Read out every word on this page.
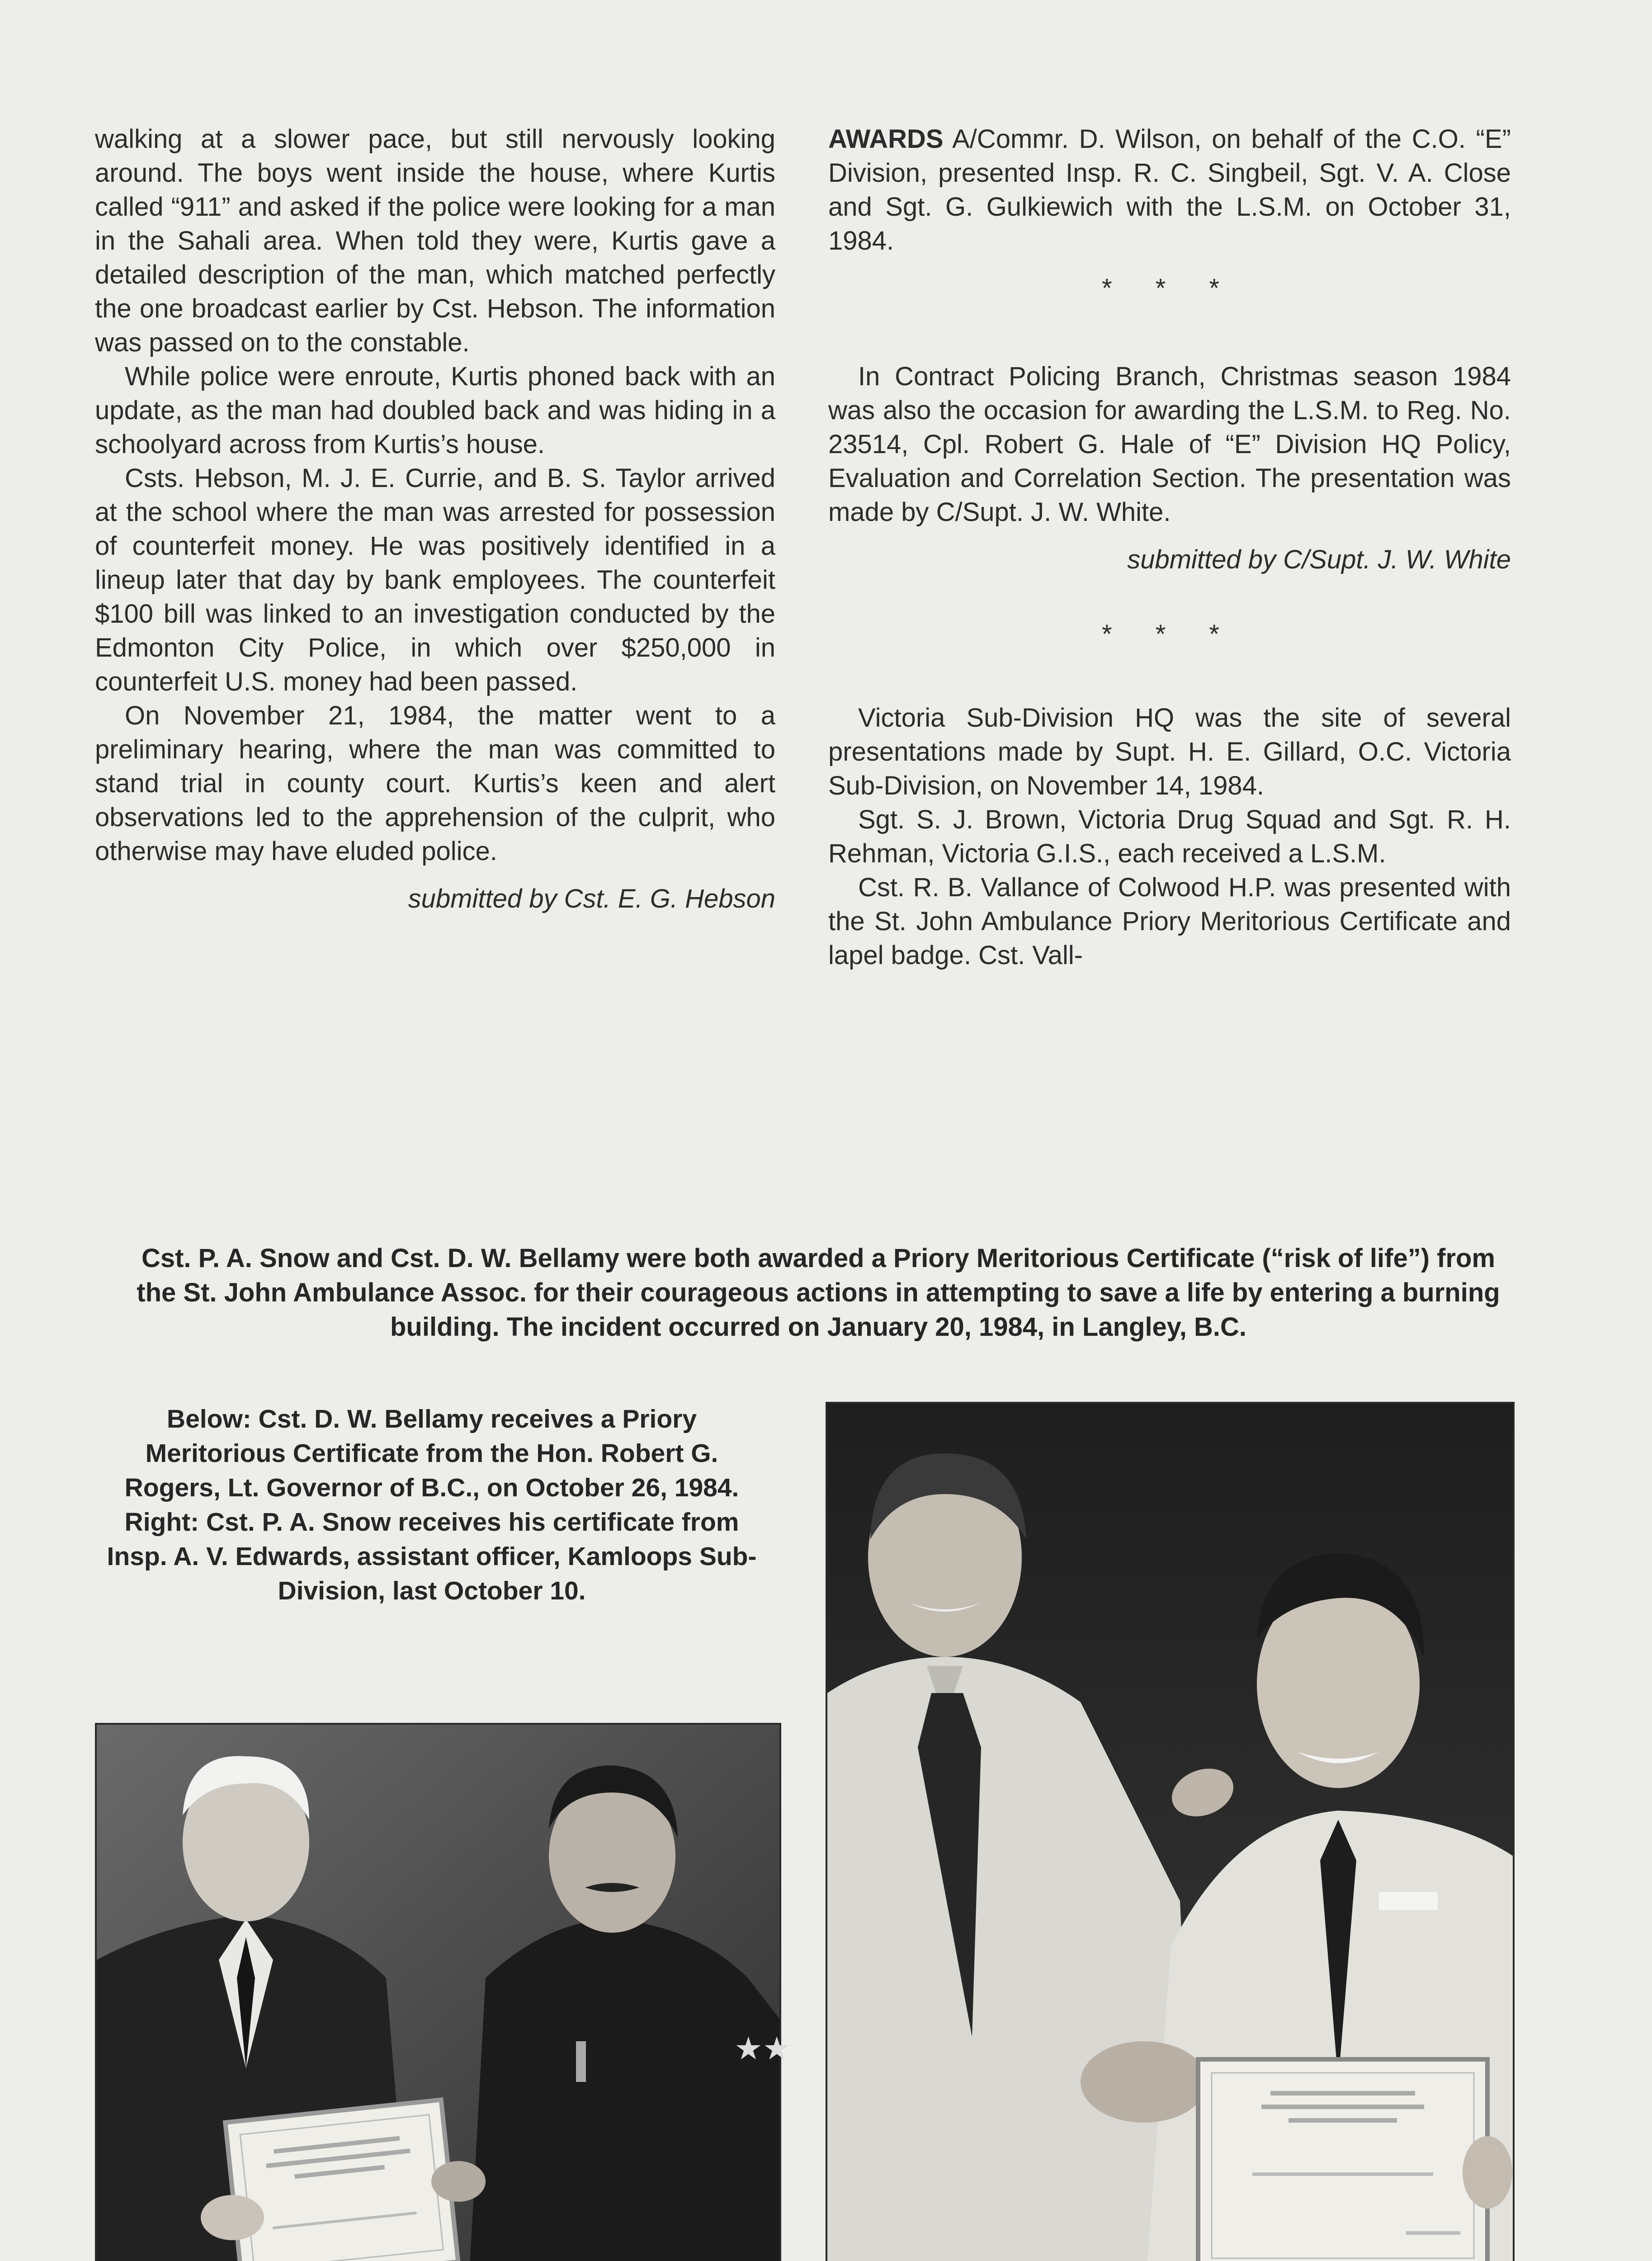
walking at a slower pace, but still nervously looking around. The boys went inside the house, where Kurtis called “911” and asked if the police were looking for a man in the Sahali area. When told they were, Kurtis gave a detailed description of the man, which matched perfectly the one broadcast earlier by Cst. Hebson. The information was passed on to the constable.

While police were enroute, Kurtis phoned back with an update, as the man had doubled back and was hiding in a schoolyard across from Kurtis’s house.

Csts. Hebson, M. J. E. Currie, and B. S. Taylor arrived at the school where the man was arrested for possession of counterfeit money. He was positively identified in a lineup later that day by bank employees. The counterfeit $100 bill was linked to an investigation conducted by the Edmonton City Police, in which over $250,000 in counterfeit U.S. money had been passed.

On November 21, 1984, the matter went to a preliminary hearing, where the man was committed to stand trial in county court. Kurtis’s keen and alert observations led to the apprehension of the culprit, who otherwise may have eluded police.

submitted by Cst. E. G. Hebson

AWARDS A/Commr. D. Wilson, on behalf of the C.O. “E” Division, presented Insp. R. C. Singbeil, Sgt. V. A. Close and Sgt. G. Gulkiewich with the L.S.M. on October 31, 1984.

* * *

In Contract Policing Branch, Christmas season 1984 was also the occasion for awarding the L.S.M. to Reg. No. 23514, Cpl. Robert G. Hale of “E” Division HQ Policy, Evaluation and Correlation Section. The presentation was made by C/Supt. J. W. White.

submitted by C/Supt. J. W. White

* * *

Victoria Sub-Division HQ was the site of several presentations made by Supt. H. E. Gillard, O.C. Victoria Sub-Division, on November 14, 1984.

Sgt. S. J. Brown, Victoria Drug Squad and Sgt. R. H. Rehman, Victoria G.I.S., each received a L.S.M.

Cst. R. B. Vallance of Colwood H.P. was presented with the St. John Ambulance Priory Meritorious Certificate and lapel badge. Cst. Vall-

Cst. P. A. Snow and Cst. D. W. Bellamy were both awarded a Priory Meritorious Certificate (“risk of life”) from the St. John Ambulance Assoc. for their courageous actions in attempting to save a life by entering a burning building. The incident occurred on January 20, 1984, in Langley, B.C.
Below: Cst. D. W. Bellamy receives a Priory Meritorious Certificate from the Hon. Robert G. Rogers, Lt. Governor of B.C., on October 26, 1984. Right: Cst. P. A. Snow receives his certificate from Insp. A. V. Edwards, assistant officer, Kamloops Sub-Division, last October 10.
★★
